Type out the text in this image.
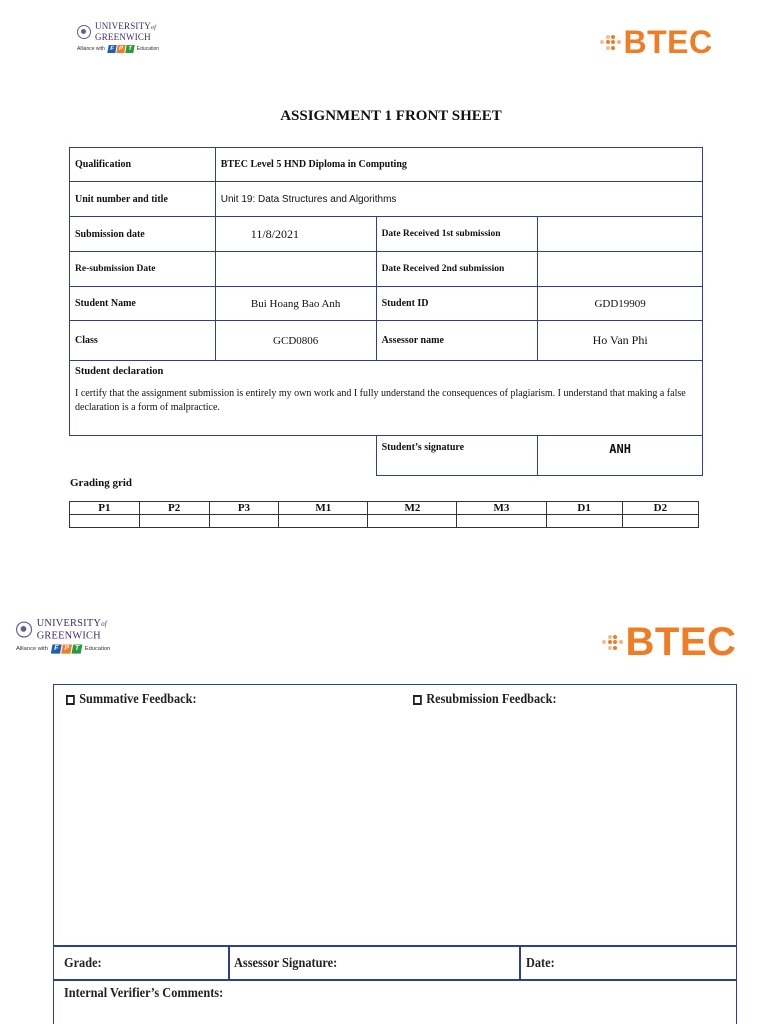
UNIVERSITYof
GREENWICH
Alliance with F P T Education	BTEC
ASSIGNMENT 1 FRONT SHEET
Qualification	BTEC Level 5 HND Diploma in Computing		
Unit number and title	Unit 19: Data Structures and Algorithms		
Submission date	11/8/2021	Date Received 1st submission	
Re-submission Date		Date Received 2nd submission	
Student Name	Bui Hoang Bao Anh	Student ID	GDD19909
Class	GCD0806	Assessor name	Ho Van Phi

Student declaration
I certify that the assignment submission is entirely my own work and I fully understand the consequences of plagiarism. I understand that making a false declaration is a form of malpractice.			

		Student’s signature	ANH
Grading grid
P1	P2	P3	M1	M2	M3	D1	D2

UNIVERSITYof
GREENWICH
Alliance with F P T	Education	BTEC
Summative Feedback:	Resubmission Feedback:
Grade:	Assessor Signature:	Date:
Internal Verifier’s Comments:
